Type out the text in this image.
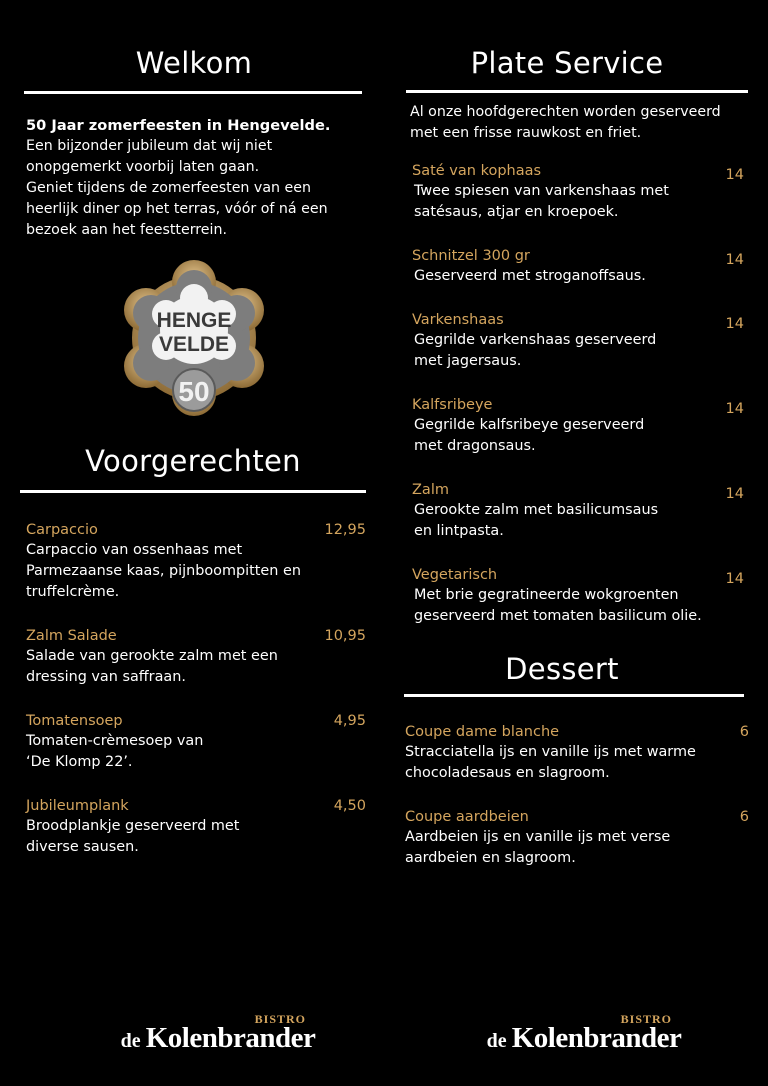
Welkom
50 Jaar zomerfeesten in Hengevelde.
Een bijzonder jubileum dat wij niet
onopgemerkt voorbij laten gaan.
Geniet tijdens de zomerfeesten van een
heerlijk diner op het terras, vóór of ná een
bezoek aan het feestterrein.
HENGE
VELDE
50
Voorgerechten
Carpaccio	12,95
Carpaccio van ossenhaas met
Parmezaanse kaas, pijnboompitten en
truffelcrème.
Zalm Salade	10,95
Salade van gerookte zalm met een
dressing van saffraan.
Tomatensoep	4,95
Tomaten-crèmesoep van
‘De Klomp 22’.
Jubileumplank	4,50
Broodplankje geserveerd met
diverse sausen.
BISTRO
de Kolenbrander
Plate Service
Al onze hoofdgerechten worden geserveerd
met een frisse rauwkost en friet.
Saté van kophaas	14
Twee spiesen van varkenshaas met
satésaus, atjar en kroepoek.
Schnitzel 300 gr	14
Geserveerd met stroganoffsaus.
Varkenshaas	14
Gegrilde varkenshaas geserveerd
met jagersaus.
Kalfsribeye	14
Gegrilde kalfsribeye geserveerd
met dragonsaus.
Zalm	14
Gerookte zalm met basilicumsaus
en lintpasta.
Vegetarisch	14
Met brie gegratineerde wokgroenten
geserveerd met tomaten basilicum olie.
Dessert
Coupe dame blanche	6
Stracciatella ijs en vanille ijs met warme
chocoladesaus en slagroom.
Coupe aardbeien	6
Aardbeien ijs en vanille ijs met verse
aardbeien en slagroom.
BISTRO
de Kolenbrander
